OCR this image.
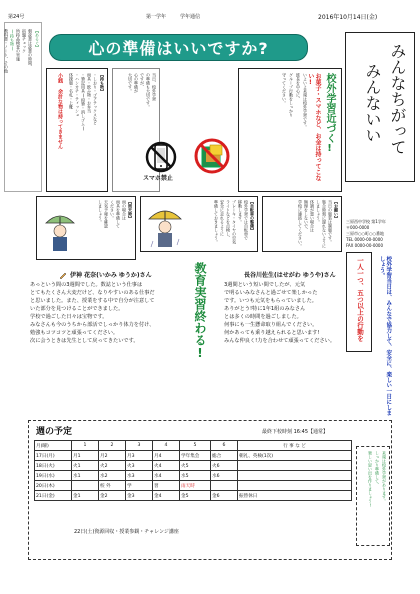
第24号	第一学年	学年通信	2016年10月14日(金)
心の準備はいいですか?	みんなちがって
みんないい
【あるぐ】
朝読書は読書の時間、
宿題チェック
所持品検査の実施
(持ち物)
教科書・ノート、その他
【持ち物】
・しおり・ゴアテックスなど
雨具・飲み物・お弁当
・筆記用具(鉛筆・消しゴム)
・ハンカチ・ティッシュ
体操服・名札・上靴
小銭 余計な物は持ってきません	当日、校外学習
の準備も大切です。
ですが、
心の準備が
大切です。
スマホ禁止
校外学習近づく!
お菓子・スマホなど、お金は持ってこない!
いよいよ来週は校外学習です。
班長を中心に、
グループ行動をしっかり
守ってください。
【お願い】
当日の服装は制服です。
集合時刻に遅れないように
しましょう。
体調が悪い場合は
無理をしないで、
学校に連絡してください。
【自転車の整備】
校外学習では自転車で
移動します。
ブレーキ・タイヤの空気
ライトなどを点検し、
安全に走れるように
準備しておきましょう。
【雨天時】
雨の場合は
雨具を準備して
ください。
天気予報を確認
しましょう。	三原西中学校 第1学年
〒000-0000
三原市○○町○○番地
TEL 0000-00-0000
FAX 0000-00-0000
一人一つ、五つ以上の行動を	校外学習当日は、みんなで協力して、安全に、楽しい一日にしましょう。
教育実習終わる!
伊神 花奈(いかみ ゆうか)さん
あっという間の3週間でした。数誌という仕事は
とてもたくさん大変だけど、なりやすいのある仕事だ
と思いました。また、授業をする中で自分が注意して
いた部分を見つけることができました。
学校で過ごした日々は宝物です。
みなさんも今のうちから部活でしっかり体力を付け、
勉強もコツコツと頑張ってください。
次に会うときは先生として戻ってきたいです。
長谷川佐生(はせがわ ゆうや)さん
3週間という短い間でしたが、元気
で明るいみなさんと過ごせて楽しかった
です。いつも元気をもらっていました。
ありがとう!特に1年1組のみなさん
とは多くの時間を過ごしました。
何事にも一生懸命取り組んでください。
何かあっても乗り越えられると思います!
みんな仲良く!力を合わせて頑張ってください。
週の予定	最終下校時刻 16:45【通常】
月(曜)	1	2	3	4	5	6	行 事 な ど
17日(月)	月1	月2	月3	月4	学年集会	総合	朝礼、英検(1次)
18日(火)	火1	火2	火3	火4	火5	火6	
19日(水)	水1	水2	水3	水4	水5	水6	
20日(木)		校 外	学	習	雨天時		
21日(金)	金1	金2	金3	金4	金5	金6	振替休日
22日(土)資源回収・授業参観・チャレンジ講座
来週は校外学習があります。
しっかり準備して、
楽しい思い出を作りましょう!
